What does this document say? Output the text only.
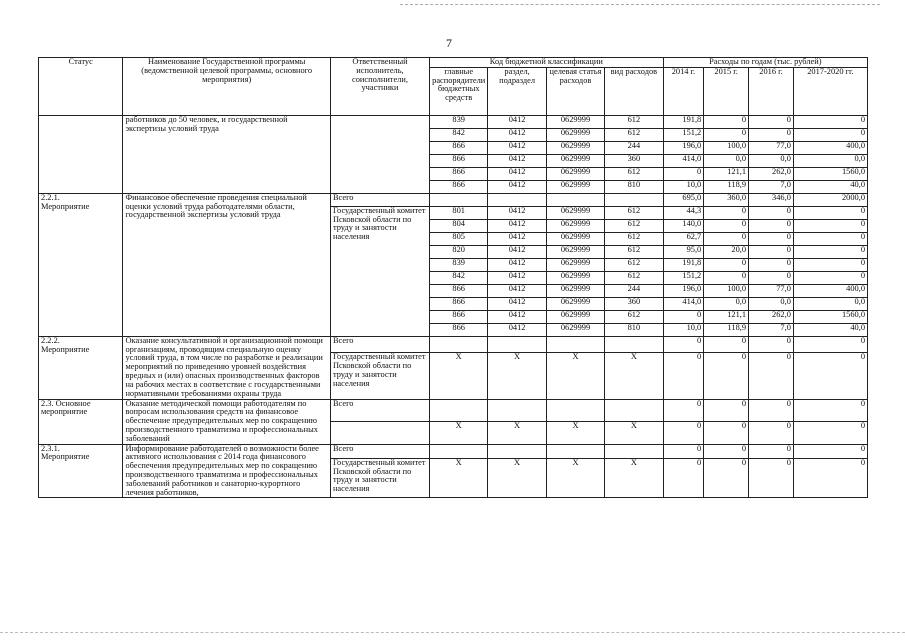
7
Статус	Наименование Государственной программы (ведомственной целевой программы, основного мероприятия)	Ответственный исполнитель, соисполнители, участники	Код бюджетной классификации				Расходы по годам (тыс. рублей)			
			главные распорядители бюджетных средств	раздел, подраздел	целевая статья расходов	вид расходов	2014 г.	2015 г.	2016 г.	2017-2020 гг.
	работников до 50 человек, и государственной экспертизы условий труда		839	0412	0629999	612	191,8	0	0	0
			842	0412	0629999	612	151,2	0	0	0
			866	0412	0629999	244	196,0	100,0	77,0	400,0
			866	0412	0629999	360	414,0	0,0	0,0	0,0
			866	0412	0629999	612	0	121,1	262,0	1560,0
			866	0412	0629999	810	10,0	118,9	7,0	40,0
2.2.1.
Мероприятие	Финансовое обеспечение проведения специальной оценки условий труда работодателями области, государственной экспертизы условий труда	Всего					695,0	360,0	346,0	2000,0
		Государственный комитет Псковской области по труду и занятости населения	801	0412	0629999	612	44,3	0	0	0
			804	0412	0629999	612	140,0	0	0	0
			805	0412	0629999	612	62,7	0	0	0
			820	0412	0629999	612	95,0	20,0	0	0
			839	0412	0629999	612	191,8	0	0	0
			842	0412	0629999	612	151,2	0	0	0
			866	0412	0629999	244	196,0	100,0	77,0	400,0
			866	0412	0629999	360	414,0	0,0	0,0	0,0
			866	0412	0629999	612	0	121,1	262,0	1560,0
			866	0412	0629999	810	10,0	118,9	7,0	40,0
2.2.2.
Мероприятие	Оказание консультативной и организационной помощи организациям, проводящим специальную оценку условий труда, в том числе по разработке и реализации мероприятий по приведению уровней воздействия вредных и (или) опасных производственных факторов на рабочих местах в соответствие с государственными нормативными требованиями охраны труда	Всего					0	0	0	0
		Государственный комитет Псковской области по труду и занятости населения	X	X	X	X	0	0	0	0
2.3. Основное мероприятие	Оказание методической помощи работодателям по вопросам использования средств на финансовое обеспечение предупредительных мер по сокращению производственного травматизма и профессиональных заболеваний	Всего					0	0	0	0
			X	X	X	X	0	0	0	0
2.3.1.
Мероприятие	Информирование работодателей о возможности более активного использования с 2014 года финансового обеспечения предупредительных мер по сокращению производственного травматизма и профессиональных заболеваний работников и санаторно-курортного лечения работников,	Всего					0	0	0	0
		Государственный комитет Псковской области по труду и занятости населения	X	X	X	X	0	0	0	0
